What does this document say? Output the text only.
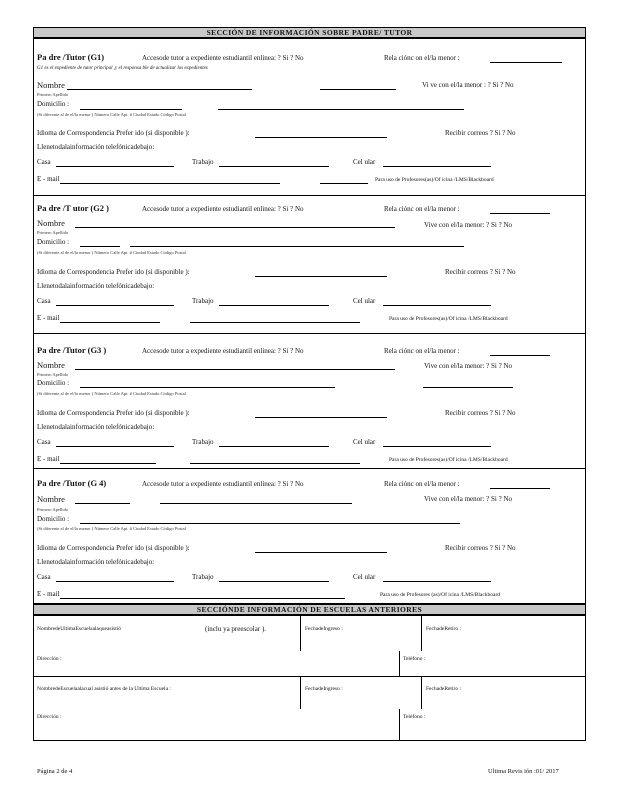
SECCIÓN DE INFORMACIÓN SOBRE PADRE/ TUTOR
Pa dre /Tutor (G1)	Accesode tutor a expediente estudiantil enlinea: ? Si ? No	Rela ciónc on el/la menor :
G1 es el expediente de tutor principal ,y el responsa ble de actualizar los expedientes
Nombre
Primero Apellido
Vi ve con el/la menor : ? Si ? No
Domicilio :
(Si diferente al de el/la menor ) Número Calle Apt. # Ciudad Estado Código Postal
Idioma de Correspondencia Prefer ido (si disponible ):	Recibir correos ? Si ? No
Llenetodalainformación telefónicadebajo:
Casa	Trabajo	Cel ular
E - mail	Para uso de Profesores(as)/Of icina /LMS/Blackboard
Pa dre /T utor (G2 )	Accesode tutor a expediente estudiantil enlinea: ? Si ? No	Rela ciónc on el/la menor :
Nombre
Primero Apellido
Vive con el/la menor: ? Si ? No
Domicilio :
(Si diferente al de el/la menor ) Número Calle Apt. # Ciudad Estado Código Postal
Idioma de Correspondencia Prefer ido (si disponible ):	Recibir correos ? Si ? No
Llenetodalainformación telefónicadebajo:
Casa	Trabajo	Cel ular
E - mail	Para uso de Profesores(as)/Of icina /LMS/Blackboard
Pa dre /Tutor (G3 )	Accesode tutor a expediente estudiantil enlinea: ? Si ? No	Rela ciónc on el/la menor :
Nombre
Primero Apellido
Vive con el/la menor: ? Si ? No
Domicilio :
(Si diferente al de el/la menor ) Número Calle Apt. # Ciudad Estado Código Postal
Idioma de Correspondencia Prefer ido (si disponible ):	Recibir correos ? Si ? No
Llenetodalainformación telefónicadebajo:
Casa	Trabajo	Cel ular
E - mail	Para uso de Profesores(as)/Of icina /LMS/Blackboard
Pa dre /Tutor (G 4)	Accesode tutor a expediente estudiantil enlinea: ? Si ? No	Rela ciónc on el/la menor :
Nombre
Primero Apellido
Vive con el/la menor: ? Si ? No
Domicilio :
(Si diferente al de el/la menor ) Número Calle Apt. # Ciudad Estado Código Postal
Idioma de Correspondencia Prefer ido (si disponible ):	Recibir correos ? Si ? No
Llenetodalainformación telefónicadebajo:
Casa	Trabajo	Cel ular
E - mail	Para uso de Profesores (as)/Of icina /LMS/Blackboard
SECCIÓNDE INFORMACIÓN DE ESCUELAS ANTERIORES
NombredeUltimaEscuelaalaqueasistió	(inclu ya preescolar ).	FechadeIngreso :	FechadeRetiro :
Dirección :	Teléfono :
NombredeEscuelaalacual asistió antes de la Ultima Escuela :	FechadeIngreso :	FechadeRetiro :
Dirección :	Teléfono :
Página 2 de 4	Ultima Revis ión :01/ 2017
